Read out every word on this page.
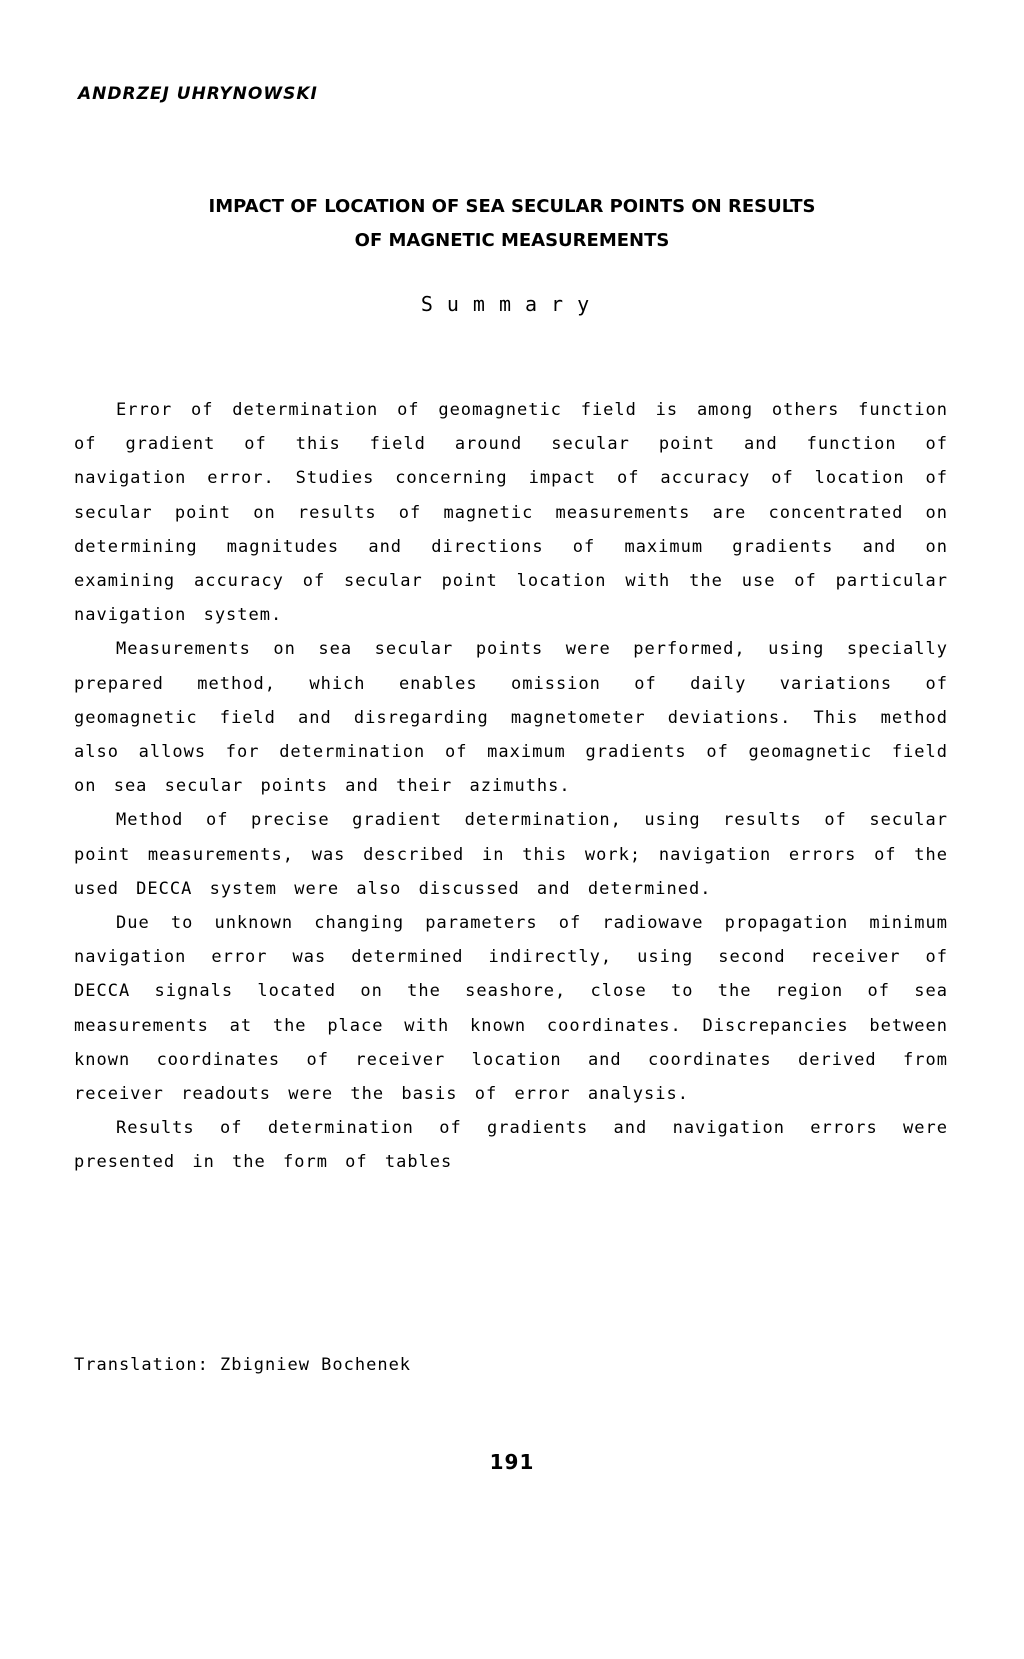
ANDRZEJ UHRYNOWSKI
IMPACT OF LOCATION OF SEA SECULAR POINTS ON RESULTS
OF MAGNETIC MEASUREMENTS
Summary

Error of determination of geomagnetic field is among others function of gradient of this field around secular point and function of navigation error. Studies concerning impact of accuracy of location of secular point on results of magnetic measurements are concentrated on determining magnitudes and directions of maximum gradients and on examining accuracy of secular point location with the use of particular navigation system.

Measurements on sea secular points were performed, using specially prepared method, which enables omission of daily variations of geomagnetic field and disregarding magnetometer deviations. This method also allows for determination of maximum gradients of geomagnetic field on sea secular points and their azimuths.

Method of precise gradient determination, using results of secular point measurements, was described in this work; navigation errors of the used DECCA system were also discussed and determined.

Due to unknown changing parameters of radiowave propagation minimum navigation error was determined indirectly, using second receiver of DECCA signals located on the seashore, close to the region of sea measurements at the place with known coordinates. Discrepancies between known coordinates of receiver location and coordinates derived from receiver readouts were the basis of error analysis.

Results of determination of gradients and navigation errors were presented in the form of tables

Translation: Zbigniew Bochenek
191
